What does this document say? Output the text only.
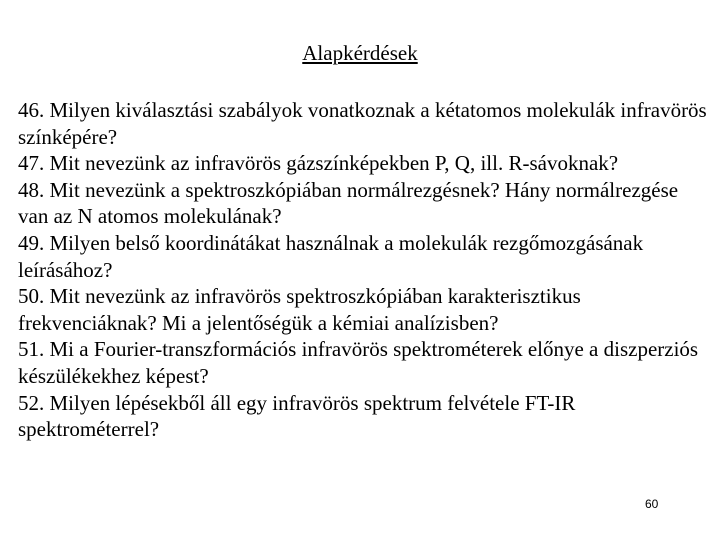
Alapkérdések
46. Milyen kiválasztási szabályok vonatkoznak a kétatomos molekulák infravörös színképére?
47. Mit nevezünk az infravörös gázszínképekben P, Q, ill. R-sávoknak?
48. Mit nevezünk a spektroszkópiában normálrezgésnek? Hány normálrezgése van az N atomos molekulának?
49. Milyen belső koordinátákat használnak a molekulák rezgőmozgásának leírásához?
50. Mit nevezünk az infravörös spektroszkópiában karakterisztikus frekvenciáknak? Mi a jelentőségük a kémiai analízisben?
51. Mi a Fourier-transzformációs infravörös spektrométerek előnye a diszperziós készülékekhez képest?
52. Milyen lépésekből áll egy infravörös spektrum felvétele FT-IR spektrométerrel?
60
